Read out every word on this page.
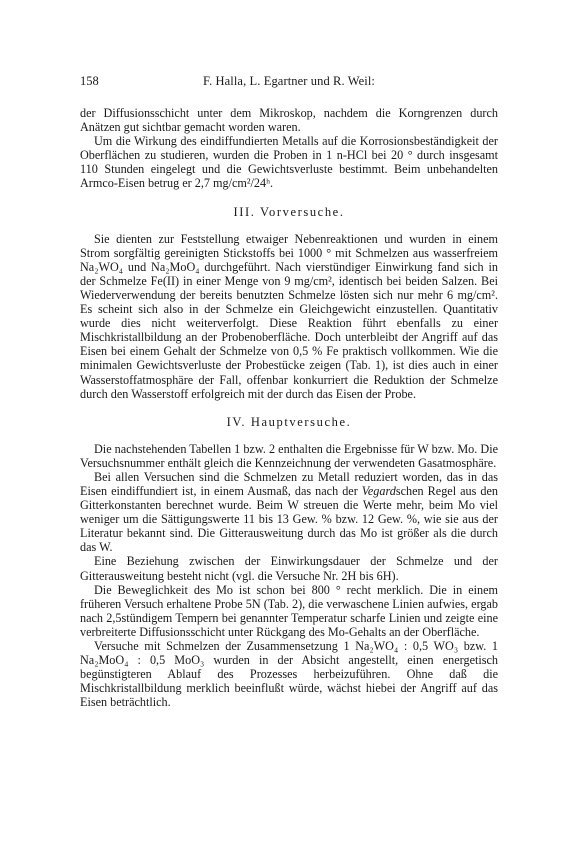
158	F. Halla, L. Egartner und R. Weil:

der Diffusionsschicht unter dem Mikroskop, nachdem die Korngrenzen durch Anätzen gut sichtbar gemacht worden waren.

Um die Wirkung des eindiffundierten Metalls auf die Korrosionsbeständigkeit der Oberflächen zu studieren, wurden die Proben in 1 n-HCl bei 20 ° durch insgesamt 110 Stunden eingelegt und die Gewichtsverluste bestimmt. Beim unbehandelten Armco-Eisen betrug er 2,7 mg/cm²/24ʰ.

III. Vorversuche.

Sie dienten zur Feststellung etwaiger Nebenreaktionen und wurden in einem Strom sorgfältig gereinigten Stickstoffs bei 1000 ° mit Schmelzen aus wasserfreiem Na₂WO₄ und Na₂MoO₄ durchgeführt. Nach vierstündiger Einwirkung fand sich in der Schmelze Fe(II) in einer Menge von 9 mg/cm², identisch bei beiden Salzen. Bei Wiederverwendung der bereits benutzten Schmelze lösten sich nur mehr 6 mg/cm². Es scheint sich also in der Schmelze ein Gleichgewicht einzustellen. Quantitativ wurde dies nicht weiterverfolgt. Diese Reaktion führt ebenfalls zu einer Mischkristallbildung an der Probenoberfläche. Doch unterbleibt der Angriff auf das Eisen bei einem Gehalt der Schmelze von 0,5 % Fe praktisch vollkommen. Wie die minimalen Gewichtsverluste der Probestücke zeigen (Tab. 1), ist dies auch in einer Wasserstoffatmosphäre der Fall, offenbar konkurriert die Reduktion der Schmelze durch den Wasserstoff erfolgreich mit der durch das Eisen der Probe.

IV. Hauptversuche.

Die nachstehenden Tabellen 1 bzw. 2 enthalten die Ergebnisse für W bzw. Mo. Die Versuchsnummer enthält gleich die Kennzeichnung der verwendeten Gasatmosphäre.

Bei allen Versuchen sind die Schmelzen zu Metall reduziert worden, das in das Eisen eindiffundiert ist, in einem Ausmaß, das nach der Vegardschen Regel aus den Gitterkonstanten berechnet wurde. Beim W streuen die Werte mehr, beim Mo viel weniger um die Sättigungswerte 11 bis 13 Gew. % bzw. 12 Gew. %, wie sie aus der Literatur bekannt sind. Die Gitterausweitung durch das Mo ist größer als die durch das W.

Eine Beziehung zwischen der Einwirkungsdauer der Schmelze und der Gitterausweitung besteht nicht (vgl. die Versuche Nr. 2H bis 6H).

Die Beweglichkeit des Mo ist schon bei 800 ° recht merklich. Die in einem früheren Versuch erhaltene Probe 5N (Tab. 2), die verwaschene Linien aufwies, ergab nach 2,5stündigem Tempern bei genannter Temperatur scharfe Linien und zeigte eine verbreiterte Diffusionsschicht unter Rückgang des Mo-Gehalts an der Oberfläche.

Versuche mit Schmelzen der Zusammensetzung 1 Na₂WO₄ : 0,5 WO₃ bzw. 1 Na₂MoO₄ : 0,5 MoO₃ wurden in der Absicht angestellt, einen energetisch begünstigteren Ablauf des Prozesses herbeizuführen. Ohne daß die Mischkristallbildung merklich beeinflußt würde, wächst hiebei der Angriff auf das Eisen beträchtlich.
